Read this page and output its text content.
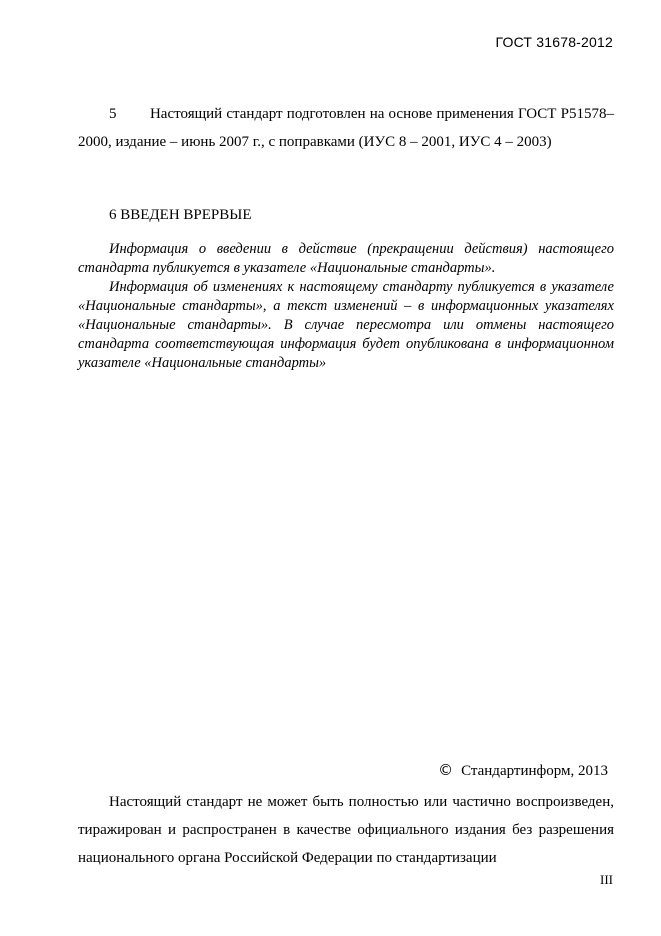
ГОСТ 31678-2012

5 Настоящий стандарт подготовлен на основе применения ГОСТ Р51578–2000, издание – июнь 2007 г., с поправками (ИУС 8 – 2001, ИУС 4 – 2003)

6 ВВЕДЕН ВРЕРВЫЕ

Информация о введении в действие (прекращении действия) настоящего стандарта публикуется в указателе «Национальные стандарты».

Информация об изменениях к настоящему стандарту публикуется в указателе «Национальные стандарты», а текст изменений – в информационных указателях «Национальные стандарты». В случае пересмотра или отмены настоящего стандарта соответствующая информация будет опубликована в информационном указателе «Национальные стандарты»

© Стандартинформ, 2013

Настоящий стандарт не может быть полностью или частично воспроизведен, тиражирован и распространен в качестве официального издания без разрешения национального органа Российской Федерации по стандартизации

III
